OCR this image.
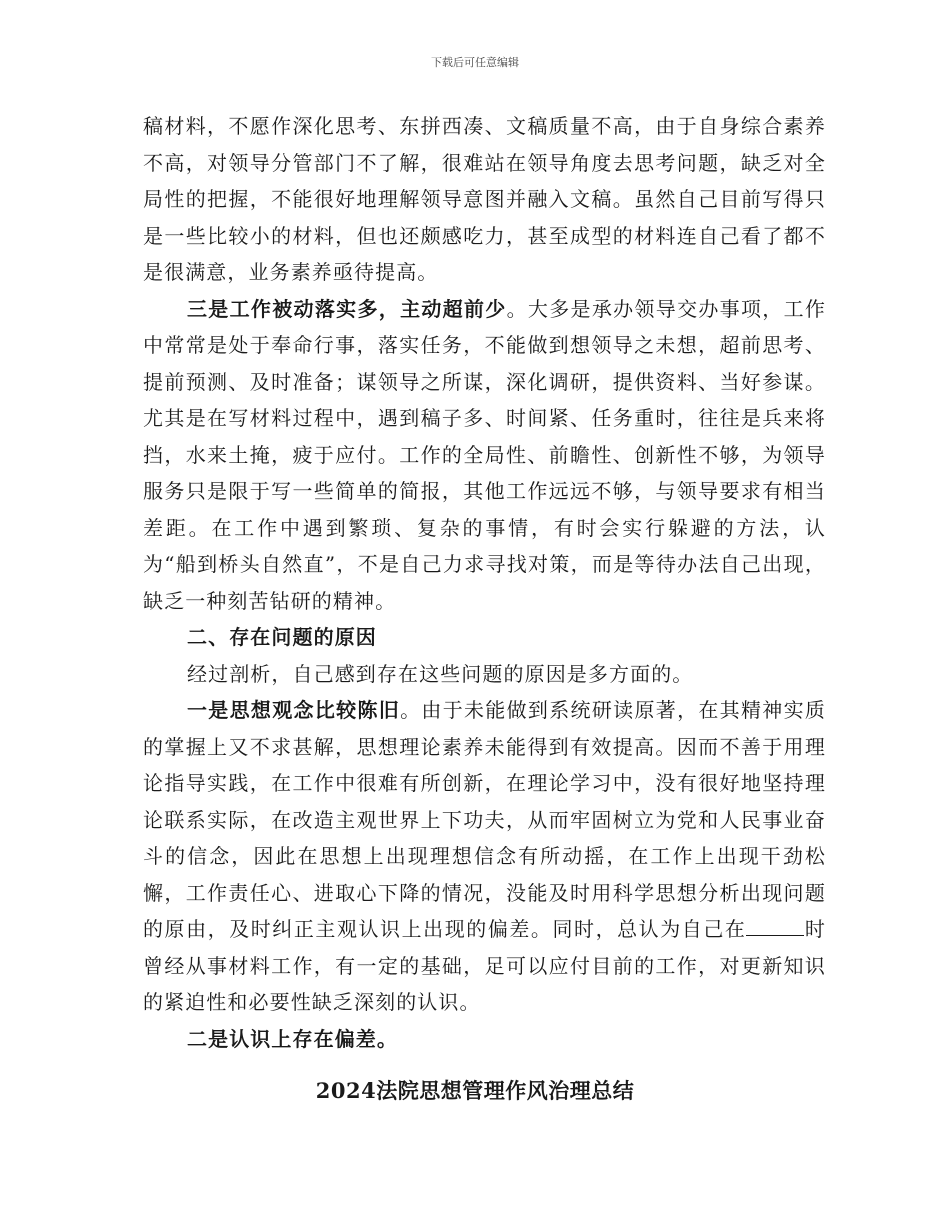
下载后可任意编辑

稿材料，不愿作深化思考、东拼西凑、文稿质量不高，由于自身综合素养不高，对领导分管部门不了解，很难站在领导角度去思考问题，缺乏对全局性的把握，不能很好地理解领导意图并融入文稿。虽然自己目前写得只是一些比较小的材料，但也还颇感吃力，甚至成型的材料连自己看了都不是很满意，业务素养亟待提高。

三是工作被动落实多，主动超前少。大多是承办领导交办事项，工作中常常是处于奉命行事，落实任务，不能做到想领导之未想，超前思考、提前预测、及时准备；谋领导之所谋，深化调研，提供资料、当好参谋。尤其是在写材料过程中，遇到稿子多、时间紧、任务重时，往往是兵来将挡，水来土掩，疲于应付。工作的全局性、前瞻性、创新性不够，为领导服务只是限于写一些简单的简报，其他工作远远不够，与领导要求有相当差距。在工作中遇到繁琐、复杂的事情，有时会实行躲避的方法，认为“船到桥头自然直”，不是自己力求寻找对策，而是等待办法自己出现，缺乏一种刻苦钻研的精神。

二、存在问题的原因

经过剖析，自己感到存在这些问题的原因是多方面的。

一是思想观念比较陈旧。由于未能做到系统研读原著，在其精神实质的掌握上又不求甚解，思想理论素养未能得到有效提高。因而不善于用理论指导实践，在工作中很难有所创新，在理论学习中，没有很好地坚持理论联系实际，在改造主观世界上下功夫，从而牢固树立为党和人民事业奋斗的信念，因此在思想上出现理想信念有所动摇，在工作上出现干劲松懈，工作责任心、进取心下降的情况，没能及时用科学思想分析出现问题的原由，及时纠正主观认识上出现的偏差。同时，总认为自己在	时曾经从事材料工作，有一定的基础，足可以应付目前的工作，对更新知识的紧迫性和必要性缺乏深刻的认识。

二是认识上存在偏差。

2024法院思想管理作风治理总结
